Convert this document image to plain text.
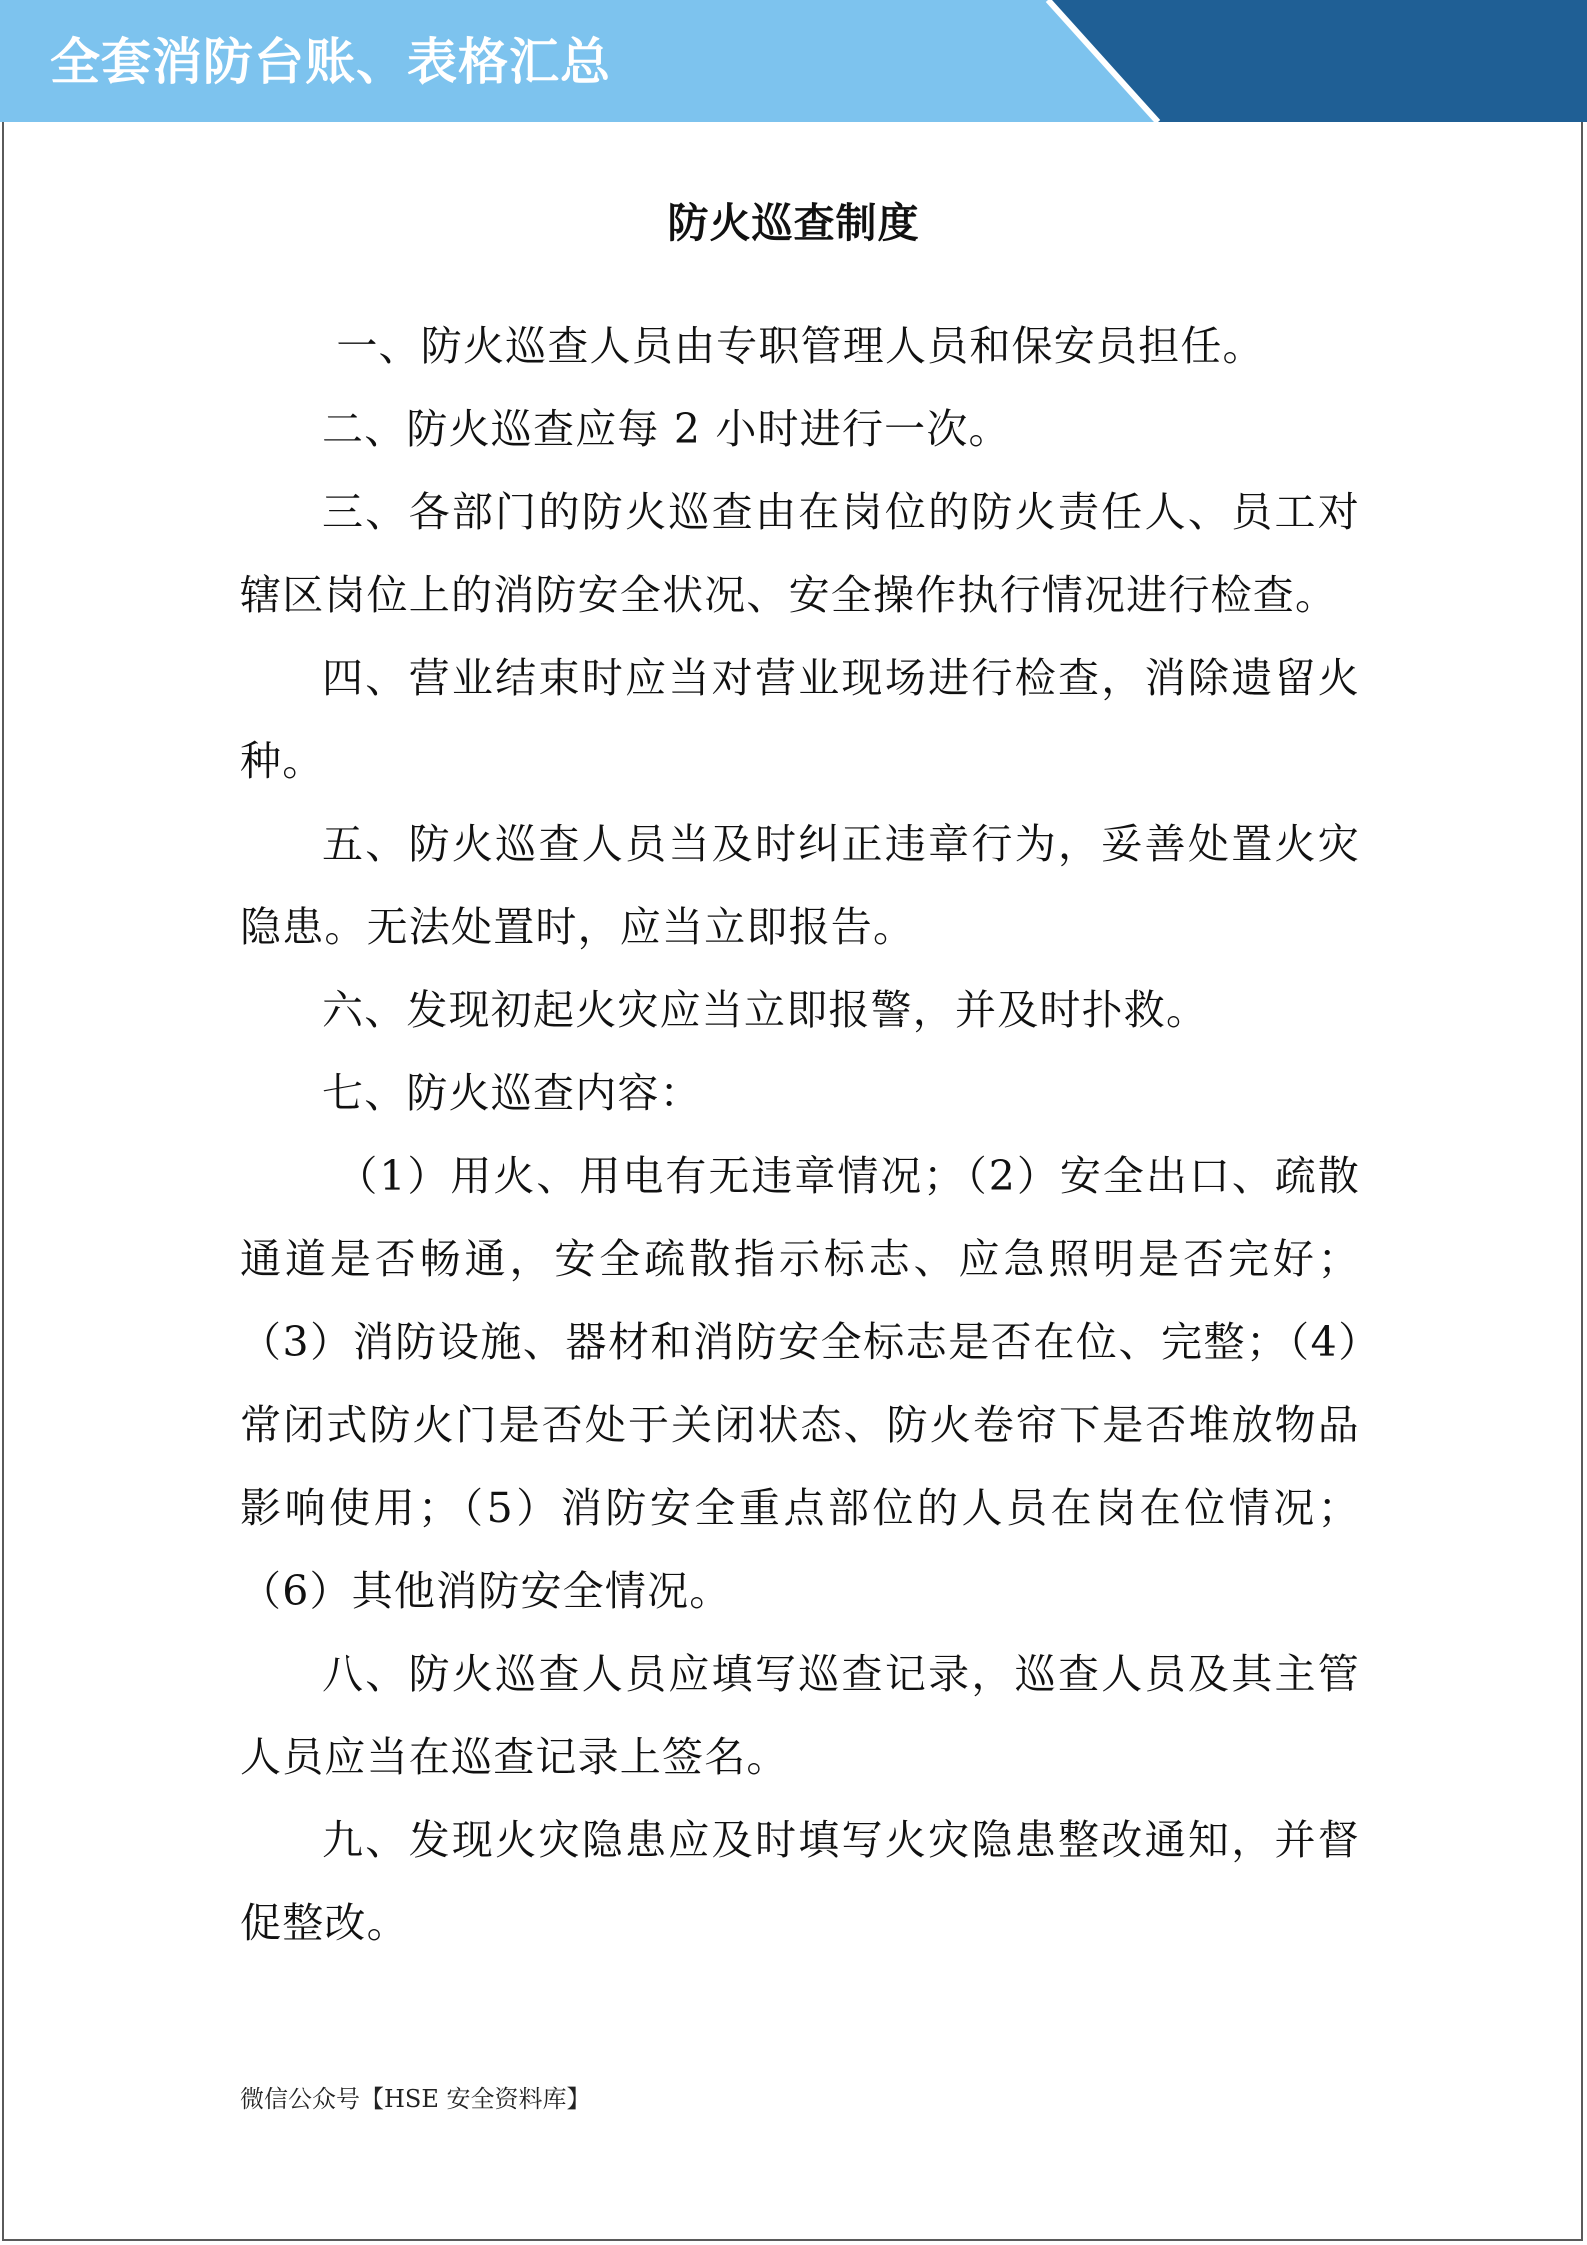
全套消防台账、表格汇总
防火巡查制度

一、防火巡查人员由专职管理人员和保安员担任。

二、防火巡查应每 2 小时进行一次。

三、各部门的防火巡查由在岗位的防火责任人、员工对辖区岗位上的消防安全状况、安全操作执行情况进行检查。

四、营业结束时应当对营业现场进行检查，消除遗留火种。

五、防火巡查人员当及时纠正违章行为，妥善处置火灾隐患。无法处置时，应当立即报告。

六、发现初起火灾应当立即报警，并及时扑救。

七、防火巡查内容：

（1）用火、用电有无违章情况；（2）安全出口、疏散通道是否畅通，安全疏散指示标志、应急照明是否完好；（3）消防设施、器材和消防安全标志是否在位、完整；（4）常闭式防火门是否处于关闭状态、防火卷帘下是否堆放物品影响使用；（5）消防安全重点部位的人员在岗在位情况；（6）其他消防安全情况。

八、防火巡查人员应填写巡查记录，巡查人员及其主管人员应当在巡查记录上签名。

九、发现火灾隐患应及时填写火灾隐患整改通知，并督促整改。

微信公众号【HSE 安全资料库】
